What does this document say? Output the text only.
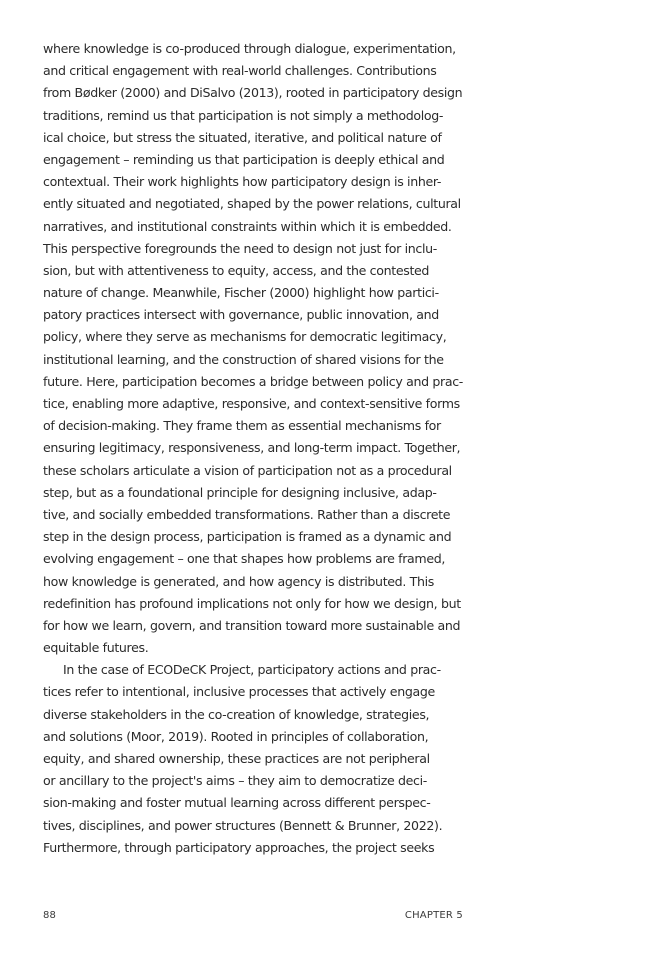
where knowledge is co-produced through dialogue, experimentation,
and critical engagement with real-world challenges. Contributions
from Bødker (2000) and DiSalvo (2013), rooted in participatory design
traditions, remind us that participation is not simply a methodolog-
ical choice, but stress the situated, iterative, and political nature of
engagement – reminding us that participation is deeply ethical and
contextual. Their work highlights how participatory design is inher-
ently situated and negotiated, shaped by the power relations, cultural
narratives, and institutional constraints within which it is embedded.
This perspective foregrounds the need to design not just for inclu-
sion, but with attentiveness to equity, access, and the contested
nature of change. Meanwhile, Fischer (2000) highlight how partici-
patory practices intersect with governance, public innovation, and
policy, where they serve as mechanisms for democratic legitimacy,
institutional learning, and the construction of shared visions for the
future. Here, participation becomes a bridge between policy and prac-
tice, enabling more adaptive, responsive, and context-sensitive forms
of decision-making. They frame them as essential mechanisms for
ensuring legitimacy, responsiveness, and long-term impact. Together,
these scholars articulate a vision of participation not as a procedural
step, but as a foundational principle for designing inclusive, adap-
tive, and socially embedded transformations. Rather than a discrete
step in the design process, participation is framed as a dynamic and
evolving engagement – one that shapes how problems are framed,
how knowledge is generated, and how agency is distributed. This
redefinition has profound implications not only for how we design, but
for how we learn, govern, and transition toward more sustainable and
equitable futures.
In the case of ECODeCK Project, participatory actions and prac-
tices refer to intentional, inclusive processes that actively engage
diverse stakeholders in the co-creation of knowledge, strategies,
and solutions (Moor, 2019). Rooted in principles of collaboration,
equity, and shared ownership, these practices are not peripheral
or ancillary to the project's aims – they aim to democratize deci-
sion-making and foster mutual learning across different perspec-
tives, disciplines, and power structures (Bennett & Brunner, 2022).
Furthermore, through participatory approaches, the project seeks
88	CHAPTER 5
